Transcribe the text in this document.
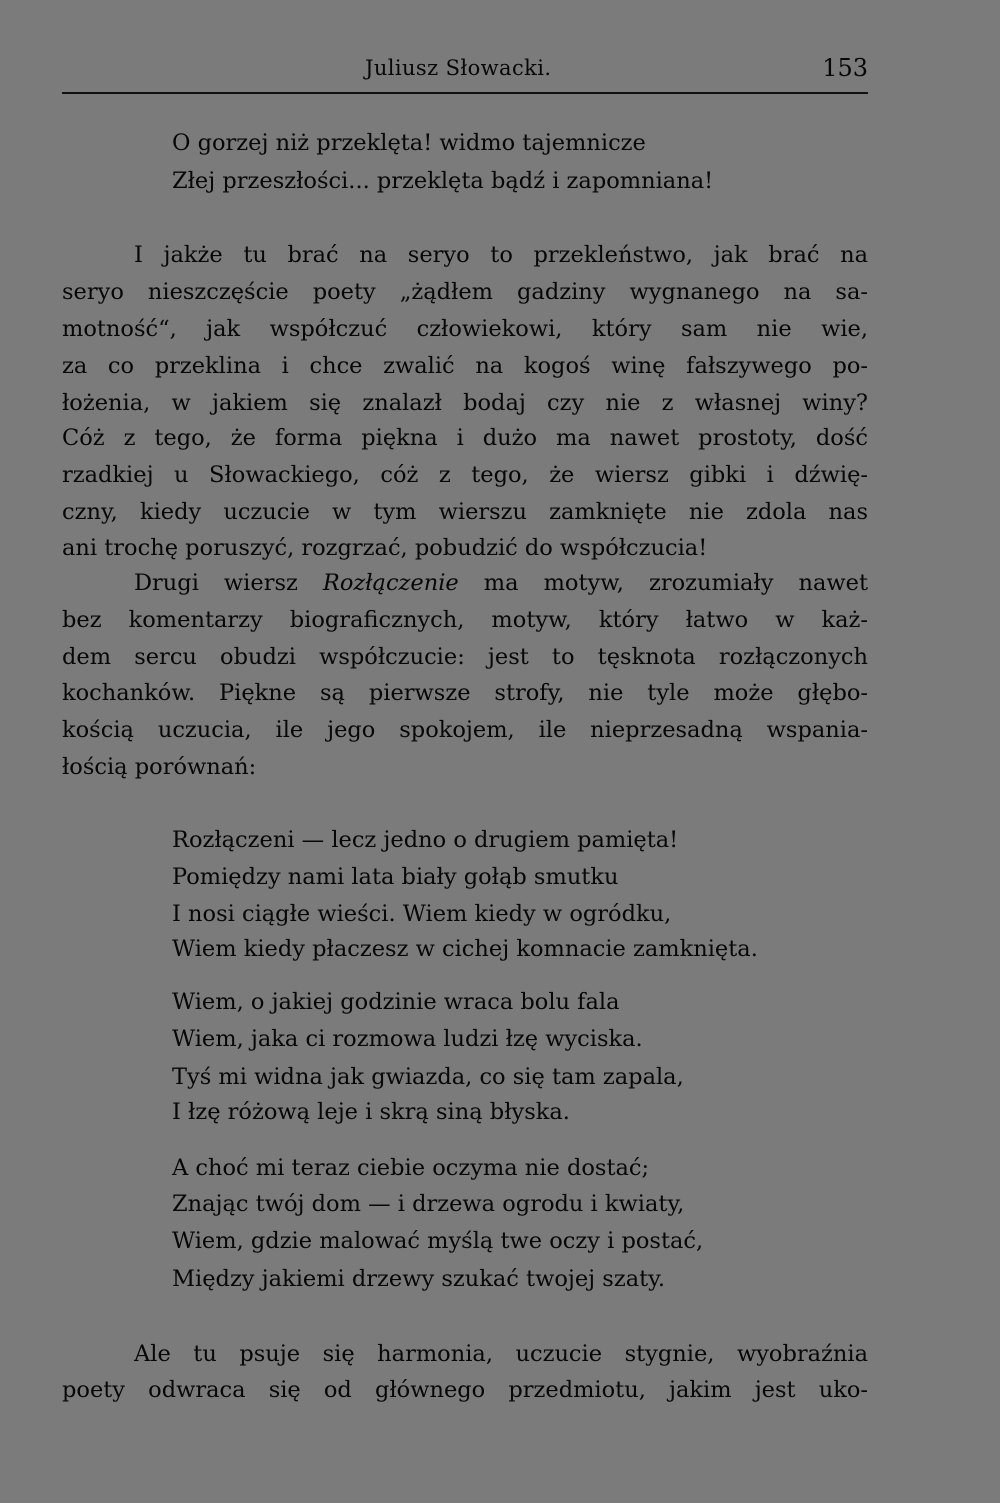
Juliusz Słowacki.	153
O gorzej niż przeklęta! widmo tajemnicze
Złej przeszłości... przeklęta bądź i zapomniana!
I jakże tu brać na seryo to przekleństwo, jak brać na
seryo nieszczęście poety „żądłem gadziny wygnanego na sa-
motność“, jak współczuć człowiekowi, który sam nie wie,
za co przeklina i chce zwalić na kogoś winę fałszywego po-
łożenia, w jakiem się znalazł bodaj czy nie z własnej winy?
Cóż z tego, że forma piękna i dużo ma nawet prostoty, dość
rzadkiej u Słowackiego, cóż z tego, że wiersz gibki i dźwię-
czny, kiedy uczucie w tym wierszu zamknięte nie zdola nas
ani trochę poruszyć, rozgrzać, pobudzić do współczucia!
Drugi wiersz Rozłączenie ma motyw, zrozumiały nawet
bez komentarzy biograficznych, motyw, który łatwo w każ-
dem sercu obudzi współczucie: jest to tęsknota rozłączonych
kochanków. Piękne są pierwsze strofy, nie tyle może głębo-
kością uczucia, ile jego spokojem, ile nieprzesadną wspania-
łością porównań:
Rozłączeni — lecz jedno o drugiem pamięta!
Pomiędzy nami lata biały gołąb smutku
I nosi ciągłe wieści. Wiem kiedy w ogródku,
Wiem kiedy płaczesz w cichej komnacie zamknięta.
Wiem, o jakiej godzinie wraca bolu fala
Wiem, jaka ci rozmowa ludzi łzę wyciska.
Tyś mi widna jak gwiazda, co się tam zapala,
I łzę różową leje i skrą siną błyska.
A choć mi teraz ciebie oczyma nie dostać;
Znając twój dom — i drzewa ogrodu i kwiaty,
Wiem, gdzie malować myślą twe oczy i postać,
Między jakiemi drzewy szukać twojej szaty.
Ale tu psuje się harmonia, uczucie stygnie, wyobraźnia
poety odwraca się od głównego przedmiotu, jakim jest uko-
